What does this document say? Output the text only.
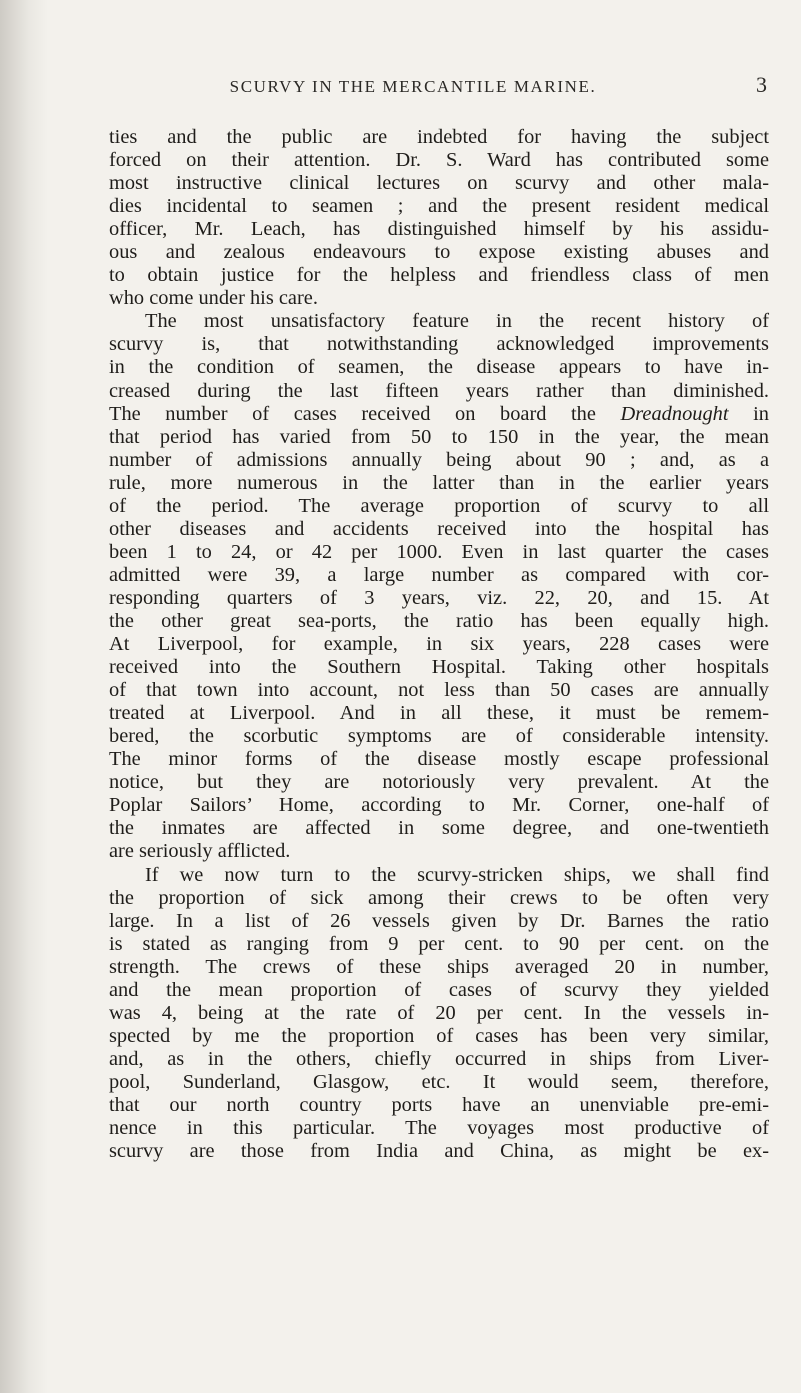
SCURVY IN THE MERCANTILE MARINE.	3
ties and the public are indebted for having the subject
forced on their attention. Dr. S. Ward has contributed some
most instructive clinical lectures on scurvy and other mala-
dies incidental to seamen ; and the present resident medical
officer, Mr. Leach, has distinguished himself by his assidu-
ous and zealous endeavours to expose existing abuses and
to obtain justice for the helpless and friendless class of men
who come under his care.
The most unsatisfactory feature in the recent history of
scurvy is, that notwithstanding acknowledged improvements
in the condition of seamen, the disease appears to have in-
creased during the last fifteen years rather than diminished.
The number of cases received on board the Dreadnought in
that period has varied from 50 to 150 in the year, the mean
number of admissions annually being about 90 ; and, as a
rule, more numerous in the latter than in the earlier years
of the period. The average proportion of scurvy to all
other diseases and accidents received into the hospital has
been 1 to 24, or 42 per 1000. Even in last quarter the cases
admitted were 39, a large number as compared with cor-
responding quarters of 3 years, viz. 22, 20, and 15. At
the other great sea-ports, the ratio has been equally high.
At Liverpool, for example, in six years, 228 cases were
received into the Southern Hospital. Taking other hospitals
of that town into account, not less than 50 cases are annually
treated at Liverpool. And in all these, it must be remem-
bered, the scorbutic symptoms are of considerable intensity.
The minor forms of the disease mostly escape professional
notice, but they are notoriously very prevalent. At the
Poplar Sailors’ Home, according to Mr. Corner, one-half of
the inmates are affected in some degree, and one-twentieth
are seriously afflicted.
If we now turn to the scurvy-stricken ships, we shall find
the proportion of sick among their crews to be often very
large. In a list of 26 vessels given by Dr. Barnes the ratio
is stated as ranging from 9 per cent. to 90 per cent. on the
strength. The crews of these ships averaged 20 in number,
and the mean proportion of cases of scurvy they yielded
was 4, being at the rate of 20 per cent. In the vessels in-
spected by me the proportion of cases has been very similar,
and, as in the others, chiefly occurred in ships from Liver-
pool, Sunderland, Glasgow, etc. It would seem, therefore,
that our north country ports have an unenviable pre-emi-
nence in this particular. The voyages most productive of
scurvy are those from India and China, as might be ex-
